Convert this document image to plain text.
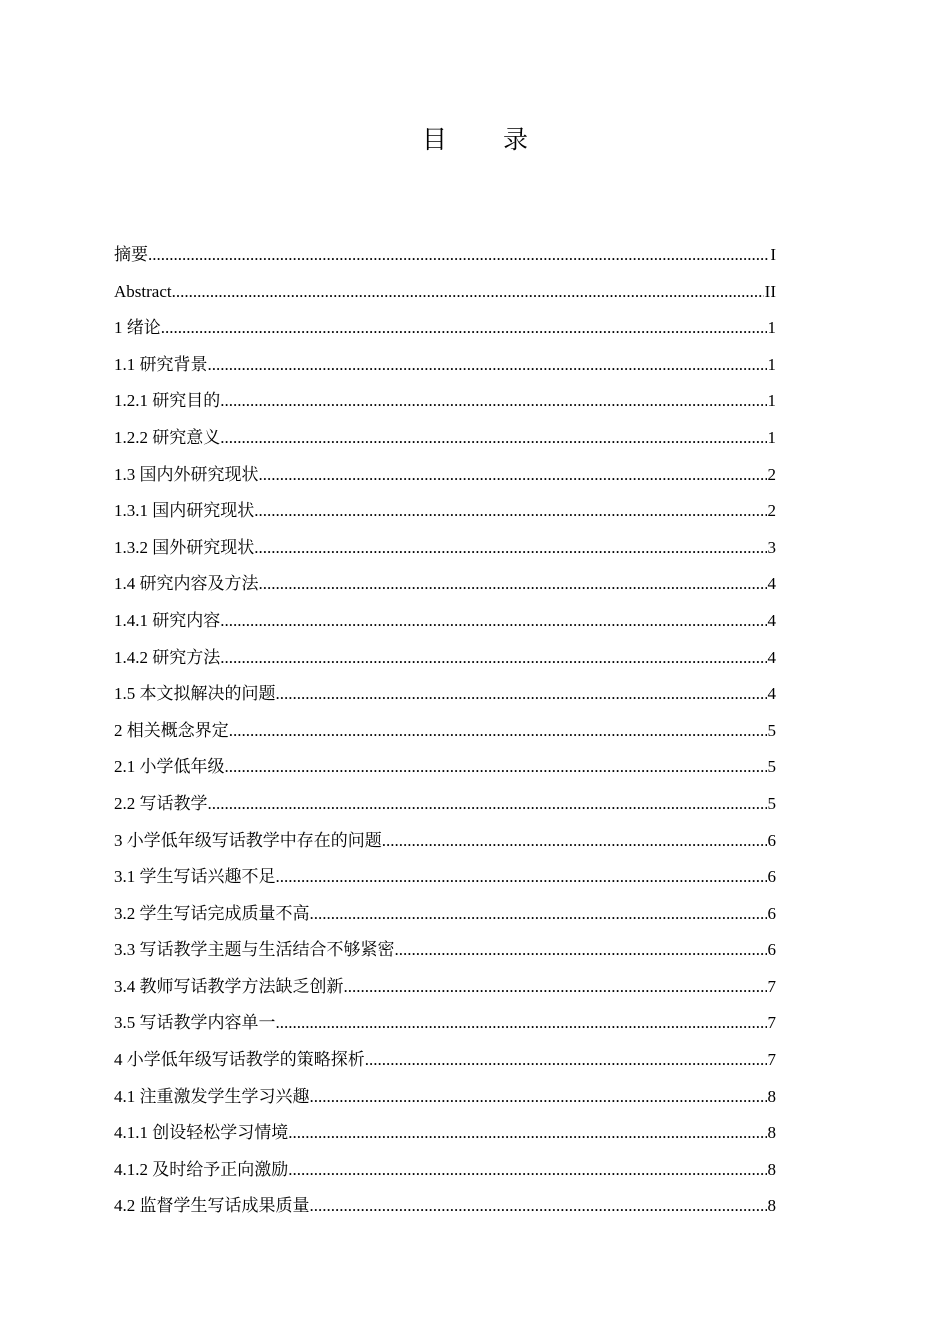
目 录
摘要 .....	I
Abstract .....	II
1 绪论 .....	1
1.1 研究背景 .....	1
1.2.1 研究目的 .....	1
1.2.2 研究意义 .....	1
1.3 国内外研究现状 .....	2
1.3.1 国内研究现状 .....	2
1.3.2 国外研究现状 .....	3
1.4 研究内容及方法 .....	4
1.4.1 研究内容 .....	4
1.4.2 研究方法 .....	4
1.5 本文拟解决的问题 .....	4
2 相关概念界定 .....	5
2.1 小学低年级 .....	5
2.2 写话教学 .....	5
3 小学低年级写话教学中存在的问题 .....	6
3.1 学生写话兴趣不足 .....	6
3.2 学生写话完成质量不高 .....	6
3.3 写话教学主题与生活结合不够紧密 .....	6
3.4 教师写话教学方法缺乏创新 .....	7
3.5 写话教学内容单一 .....	7
4 小学低年级写话教学的策略探析 .....	7
4.1 注重激发学生学习兴趣 .....	8
4.1.1 创设轻松学习情境 .....	8
4.1.2 及时给予正向激励 .....	8
4.2 监督学生写话成果质量 .....	8
